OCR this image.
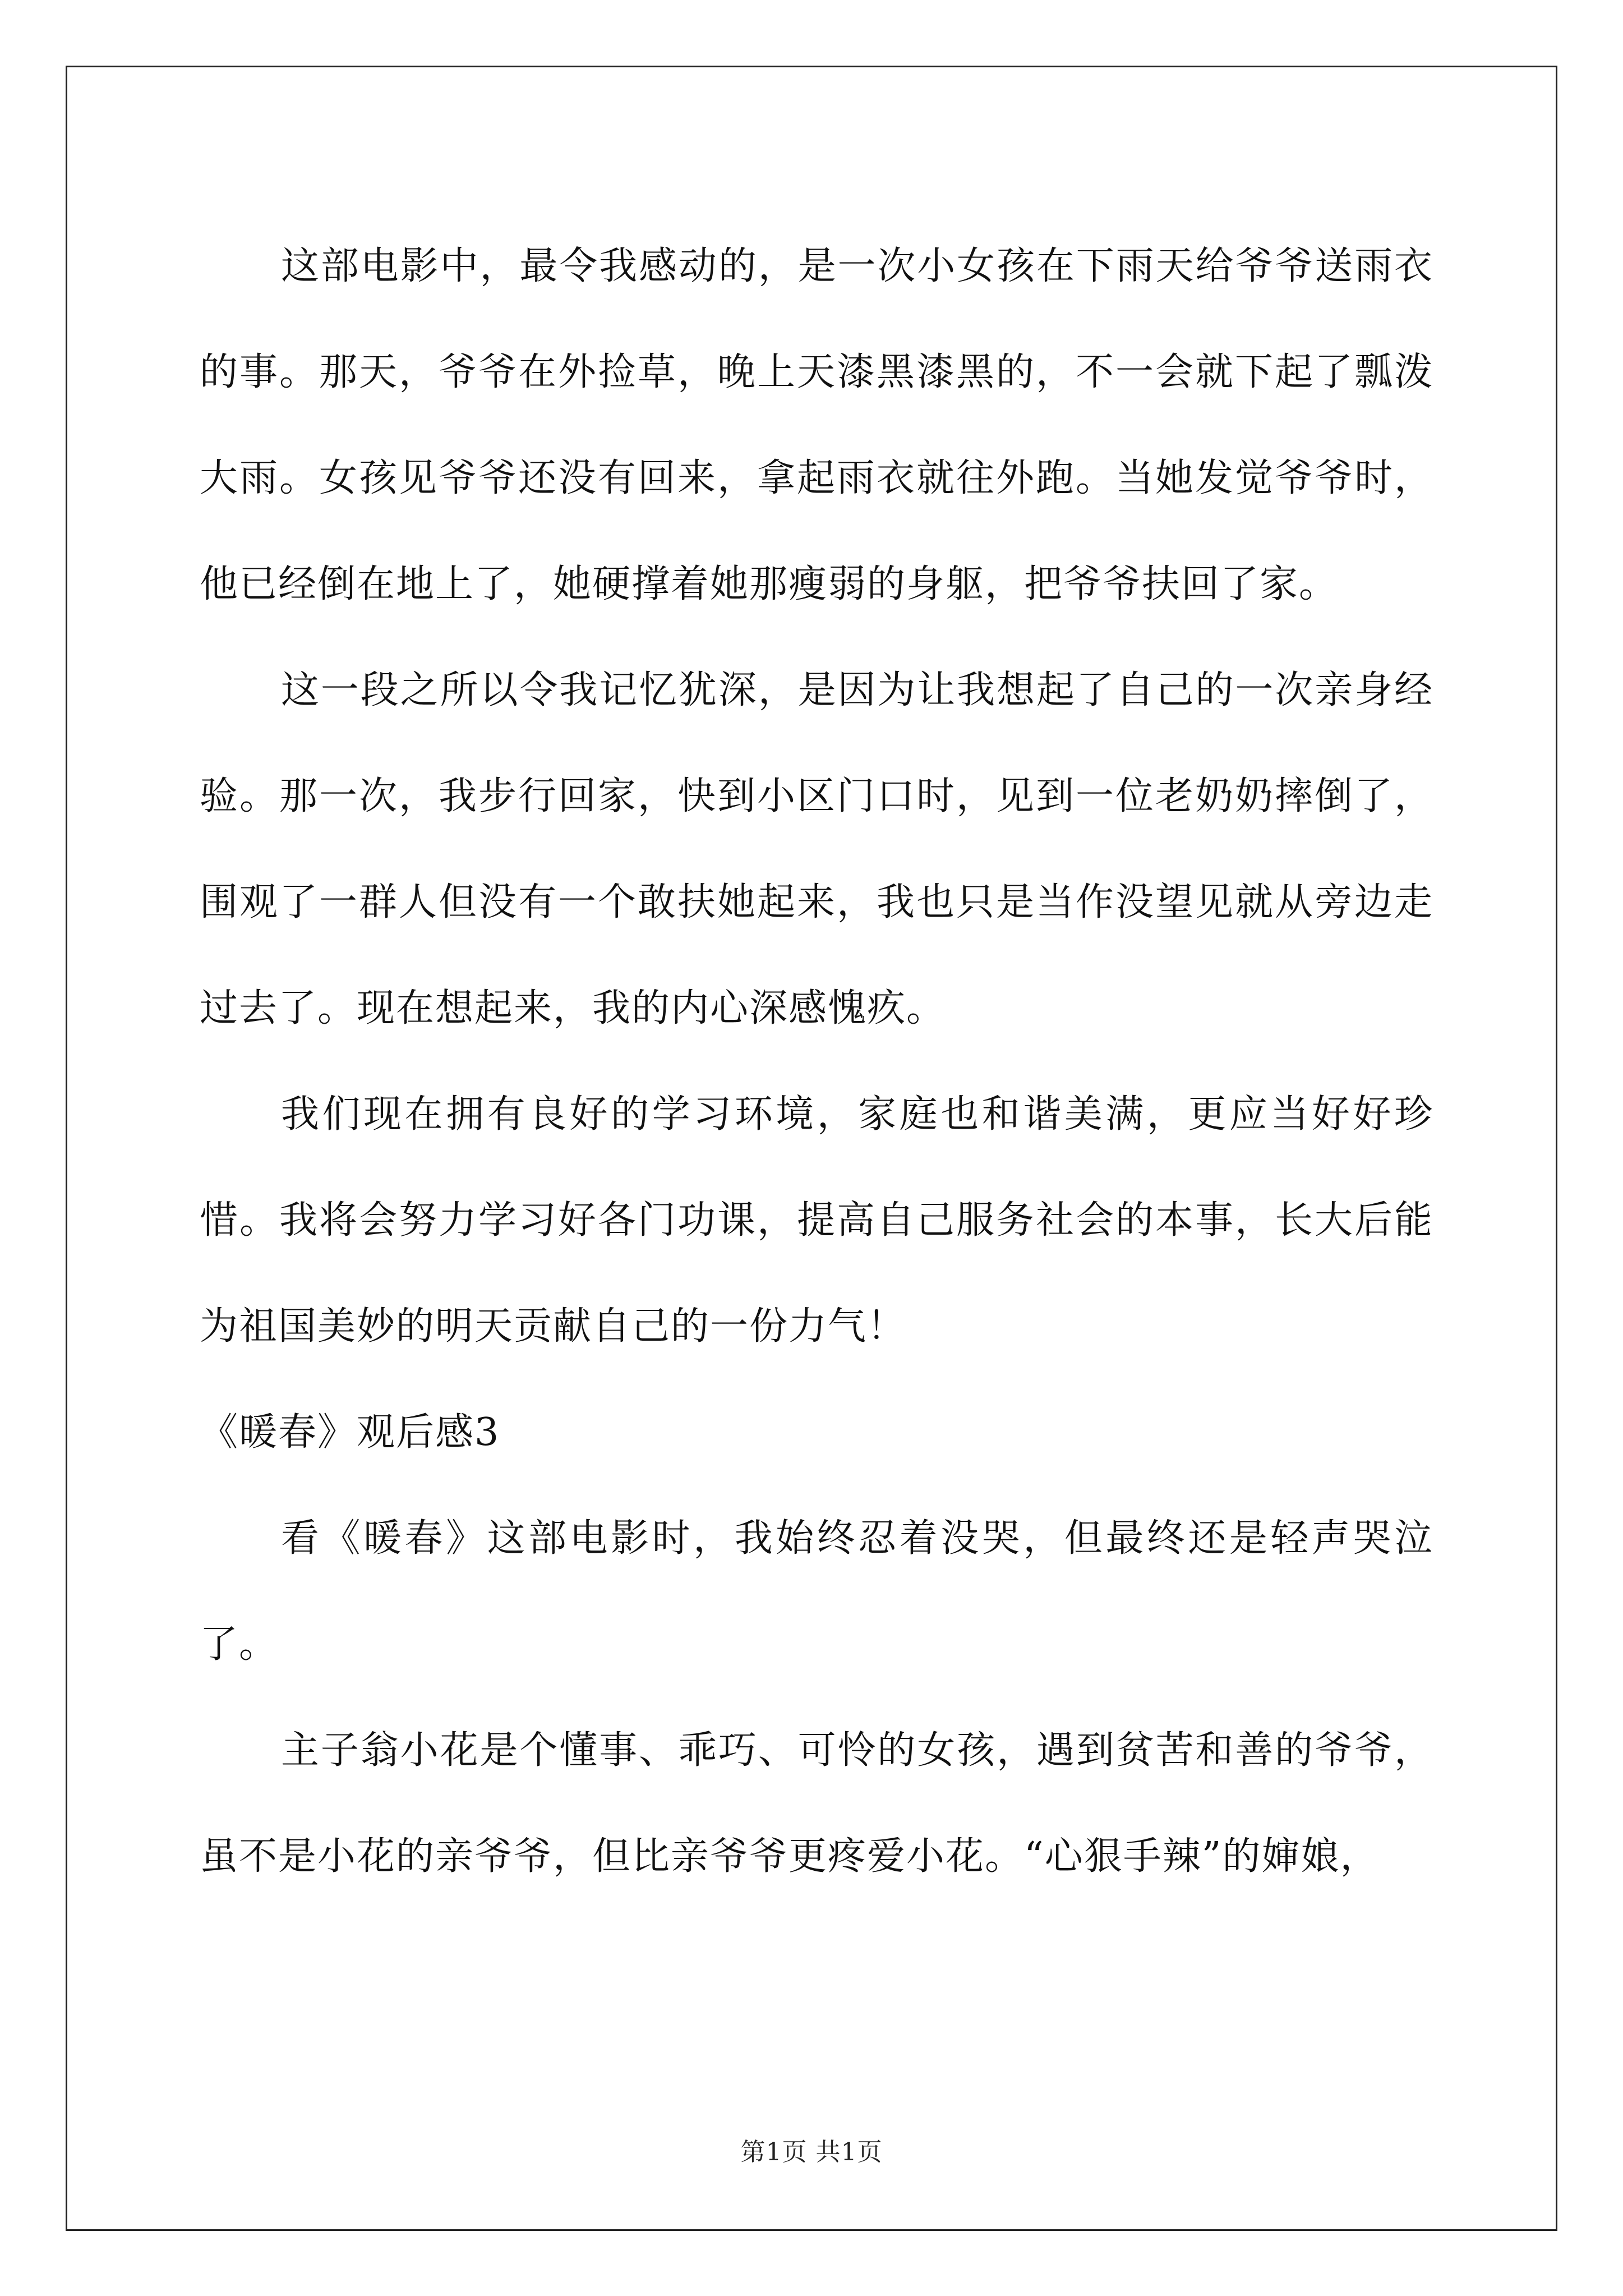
这部电影中，最令我感动的，是一次小女孩在下雨天给爷爷送雨衣的事。那天，爷爷在外捡草，晚上天漆黑漆黑的，不一会就下起了瓢泼大雨。女孩见爷爷还没有回来，拿起雨衣就往外跑。当她发觉爷爷时，他已经倒在地上了，她硬撑着她那瘦弱的身躯，把爷爷扶回了家。

这一段之所以令我记忆犹深，是因为让我想起了自己的一次亲身经验。那一次，我步行回家，快到小区门口时，见到一位老奶奶摔倒了，围观了一群人但没有一个敢扶她起来，我也只是当作没望见就从旁边走过去了。现在想起来，我的内心深感愧疚。

我们现在拥有良好的学习环境，家庭也和谐美满，更应当好好珍惜。我将会努力学习好各门功课，提高自己服务社会的本事，长大后能为祖国美妙的明天贡献自己的一份力气！

《暖春》观后感3

看《暖春》这部电影时，我始终忍着没哭，但最终还是轻声哭泣了。

主子翁小花是个懂事、乖巧、可怜的女孩，遇到贫苦和善的爷爷，虽不是小花的亲爷爷，但比亲爷爷更疼爱小花。“心狠手辣”的婶娘，

第1页 共1页
